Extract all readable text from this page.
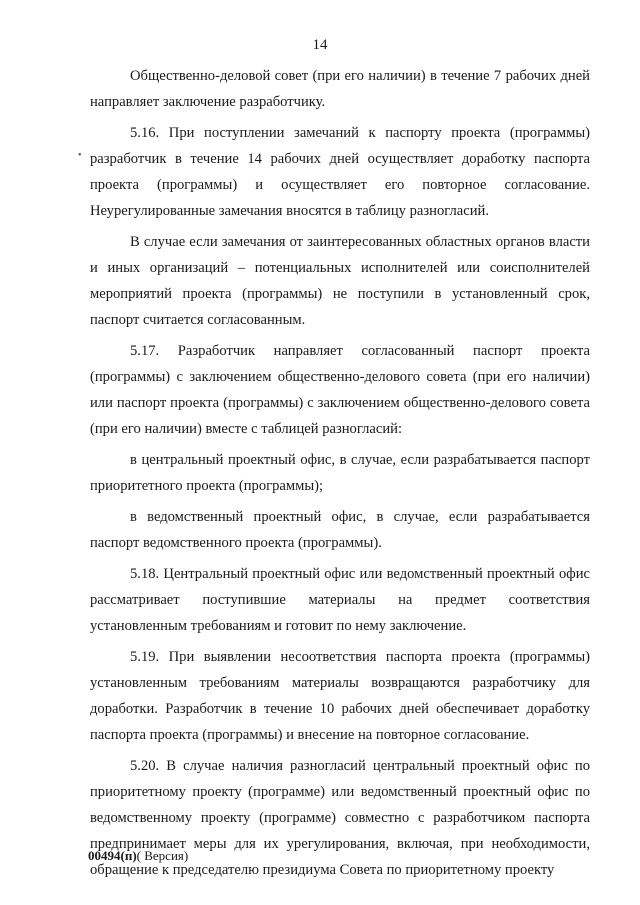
14
•

Общественно-деловой совет (при его наличии) в течение 7 рабочих дней направляет заключение разработчику.

5.16. При поступлении замечаний к паспорту проекта (программы) разработчик в течение 14 рабочих дней осуществляет доработку паспорта проекта (программы) и осуществляет его повторное согласование. Неурегулированные замечания вносятся в таблицу разногласий.

В случае если замечания от заинтересованных областных органов власти и иных организаций – потенциальных исполнителей или соисполнителей мероприятий проекта (программы) не поступили в установленный срок, паспорт считается согласованным.

5.17. Разработчик направляет согласованный паспорт проекта (программы) с заключением общественно-делового совета (при его наличии) или паспорт проекта (программы) с заключением общественно-делового совета (при его наличии) вместе с таблицей разногласий:

в центральный проектный офис, в случае, если разрабатывается паспорт приоритетного проекта (программы);

в ведомственный проектный офис, в случае, если разрабатывается паспорт ведомственного проекта (программы).

5.18. Центральный проектный офис или ведомственный проектный офис рассматривает поступившие материалы на предмет соответствия установленным требованиям и готовит по нему заключение.

5.19. При выявлении несоответствия паспорта проекта (программы) установленным требованиям материалы возвращаются разработчику для доработки. Разработчик в течение 10 рабочих дней обеспечивает доработку паспорта проекта (программы) и внесение на повторное согласование.

5.20. В случае наличия разногласий центральный проектный офис по приоритетному проекту (программе) или ведомственный проектный офис по ведомственному проекту (программе) совместно с разработчиком паспорта предпринимает меры для их урегулирования, включая, при необходимости, обращение к председателю президиума Совета по приоритетному проекту

00494(п)( Версия)
